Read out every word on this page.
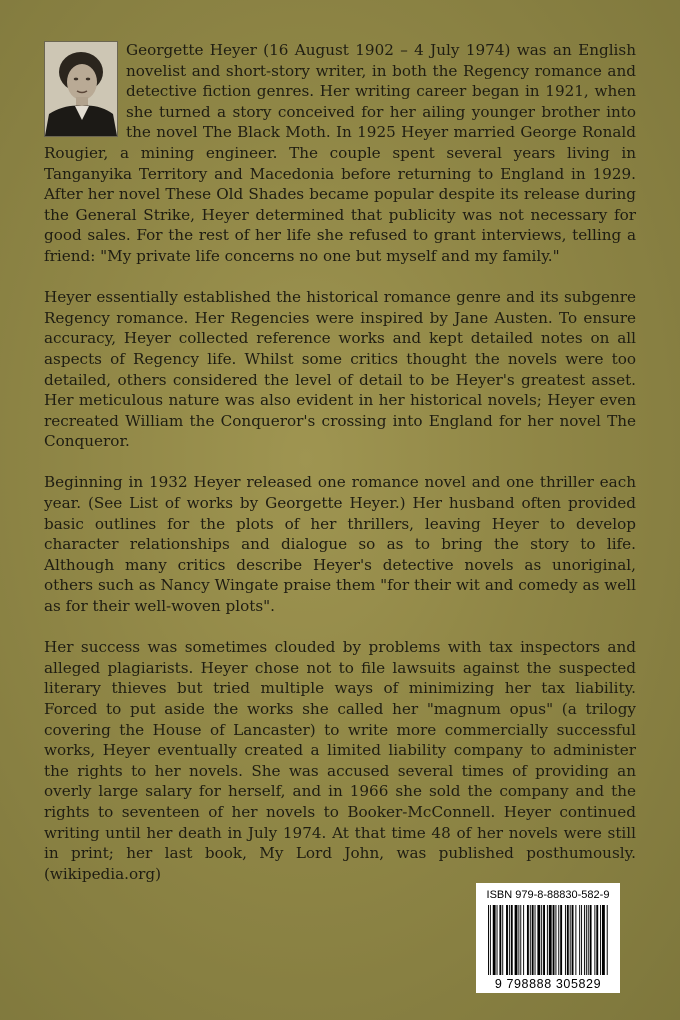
Georgette Heyer (16 August 1902 – 4 July 1974) was an English novelist and short-story writer, in both the Regency romance and detective fiction genres. Her writing career began in 1921, when she turned a story conceived for her ailing younger brother into the novel The Black Moth. In 1925 Heyer married George Ronald Rougier, a mining engineer. The couple spent several years living in Tanganyika Territory and Macedonia before returning to England in 1929. After her novel These Old Shades became popular despite its release during the General Strike, Heyer determined that publicity was not necessary for good sales. For the rest of her life she refused to grant interviews, telling a friend: "My private life concerns no one but myself and my family."

Heyer essentially established the historical romance genre and its subgenre Regency romance. Her Regencies were inspired by Jane Austen. To ensure accuracy, Heyer collected reference works and kept detailed notes on all aspects of Regency life. Whilst some critics thought the novels were too detailed, others considered the level of detail to be Heyer's greatest asset. Her meticulous nature was also evident in her historical novels; Heyer even recreated William the Conqueror's crossing into England for her novel The Conqueror.

Beginning in 1932 Heyer released one romance novel and one thriller each year. (See List of works by Georgette Heyer.) Her husband often provided basic outlines for the plots of her thrillers, leaving Heyer to develop character relationships and dialogue so as to bring the story to life. Although many critics describe Heyer's detective novels as unoriginal, others such as Nancy Wingate praise them "for their wit and comedy as well as for their well-woven plots".

Her success was sometimes clouded by problems with tax inspectors and alleged plagiarists. Heyer chose not to file lawsuits against the suspected literary thieves but tried multiple ways of minimizing her tax liability. Forced to put aside the works she called her "magnum opus" (a trilogy covering the House of Lancaster) to write more commercially successful works, Heyer eventually created a limited liability company to administer the rights to her novels. She was accused several times of providing an overly large salary for herself, and in 1966 she sold the company and the rights to seventeen of her novels to Booker-McConnell. Heyer continued writing until her death in July 1974. At that time 48 of her novels were still in print; her last book, My Lord John, was published posthumously. (wikipedia.org)

ISBN 979-8-88830-582-9
9 798888 305829
